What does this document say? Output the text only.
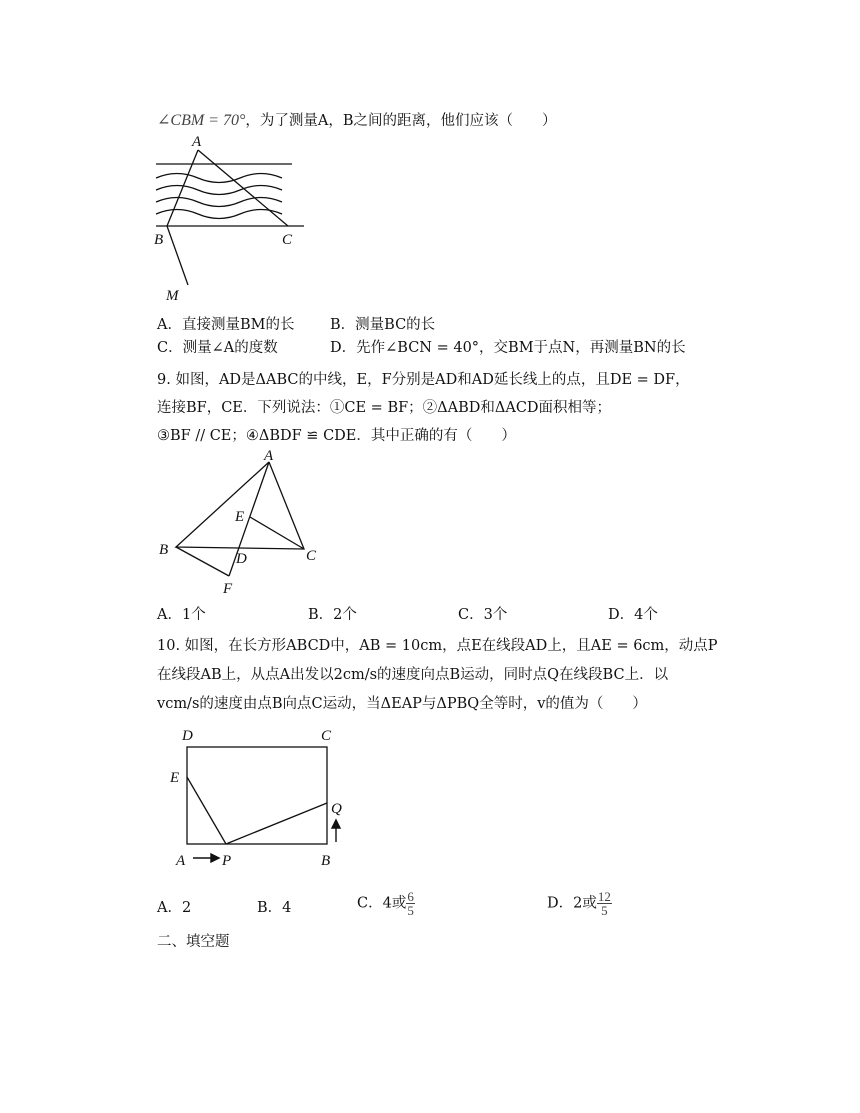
∠CBM = 70°，为了测量A，B之间的距离，他们应该（　　）
A
B	C
M
A．直接测量BM的长 B．测量BC的长
C．测量∠A的度数	D．先作∠BCN = 40°，交BM于点N，再测量BN的长
9. 如图，AD是ΔABC的中线，E，F分别是AD和AD延长线上的点，且DE = DF，
连接BF，CE．下列说法：①CE = BF；②ΔABD和ΔACD面积相等；
③BF // CE；④ΔBDF ≌ CDE．其中正确的有（　　）
A
B	C
D
E
F
A．1个	B．2个	C．3个	D．4个
10. 如图，在长方形ABCD中，AB = 10cm，点E在线段AD上，且AE = 6cm，动点P
在线段AB上，从点A出发以2cm/s的速度向点B运动，同时点Q在线段BC上．以
vcm/s的速度由点B向点C运动，当ΔEAP与ΔPBQ全等时，v的值为（　　）
D	C
E
A P	B
Q
A．2	B．4	C．4或 $\frac{6}{5}$	D．2或 $\frac{12}{5}$
二、填空题
